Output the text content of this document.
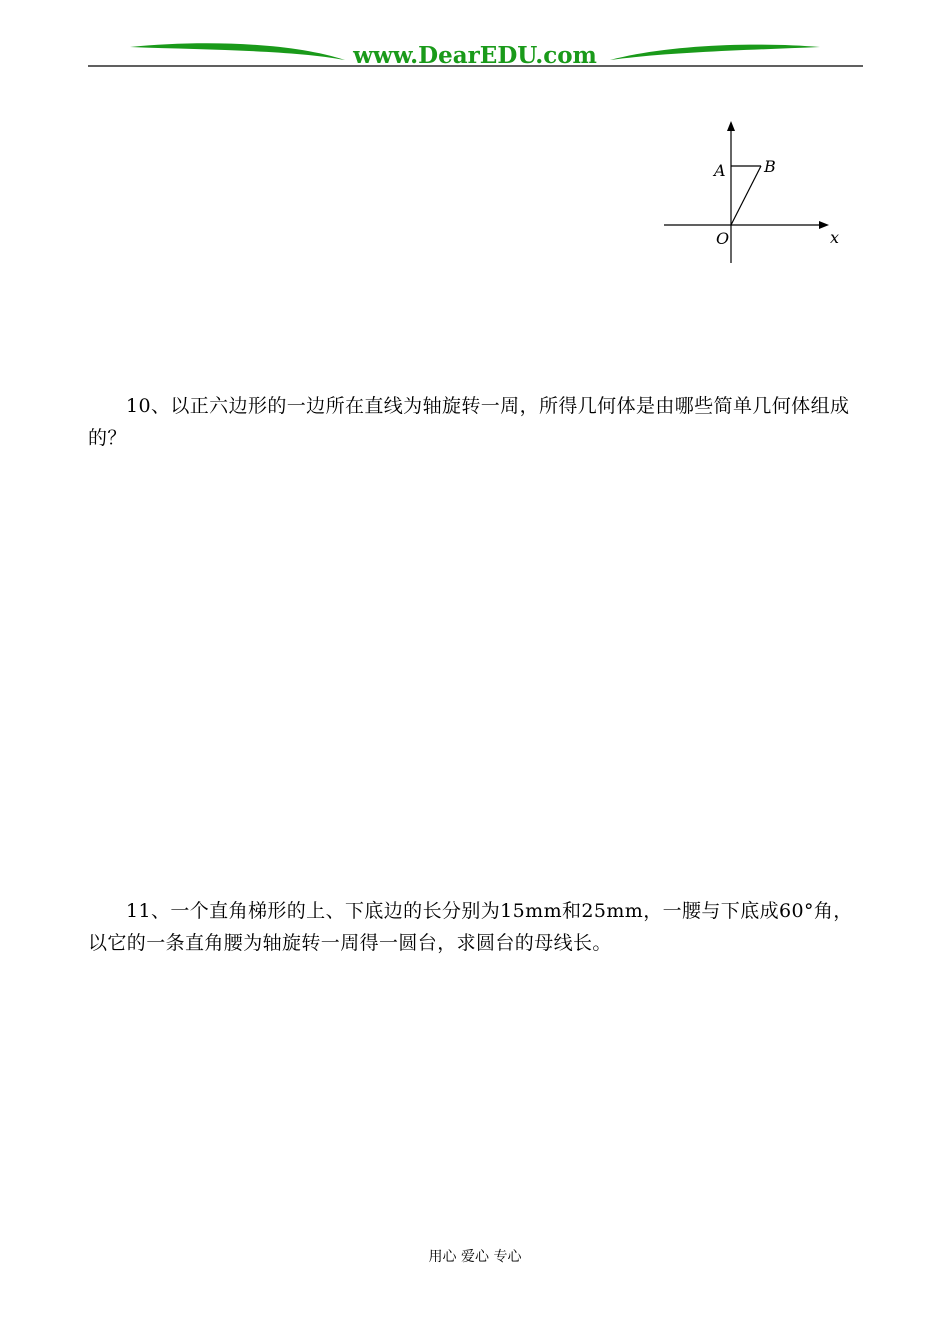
www.DearEDU.com
A B
O	x

10、以正六边形的一边所在直线为轴旋转一周，所得几何体是由哪些简单几何体组成的？

11、一个直角梯形的上、下底边的长分别为15mm和25mm，一腰与下底成60°角，以它的一条直角腰为轴旋转一周得一圆台，求圆台的母线长。

用心 爱心 专心
